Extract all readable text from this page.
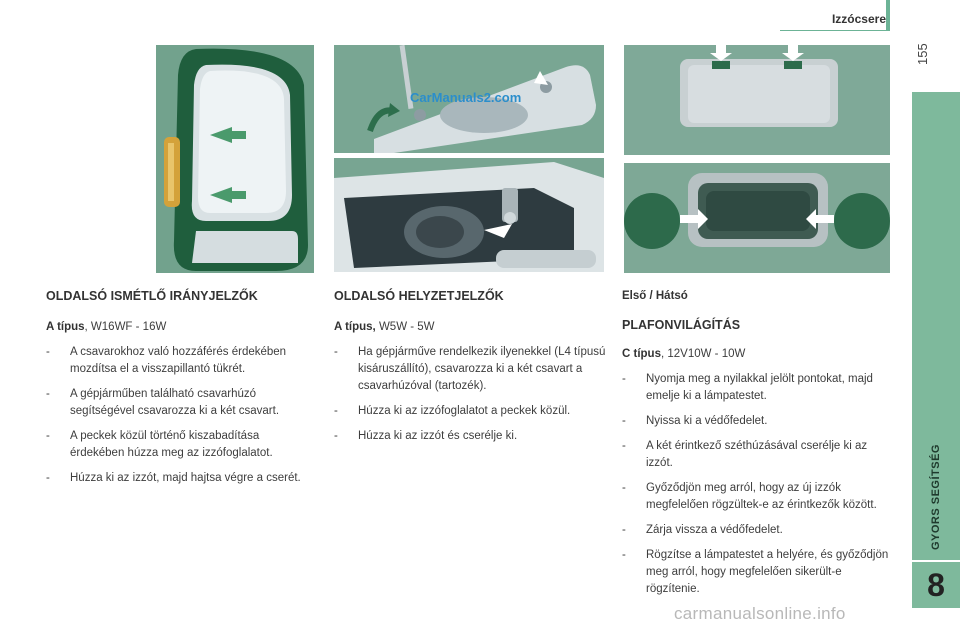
Izzócsere
155
GYORS SEGÍTSÉG
8
CarManuals2.com
OLDALSÓ ISMÉTLŐ IRÁNYJELZŐK
A típus, W16WF - 16W
- A csavarokhoz való hozzáférés érdekében mozdítsa el a visszapillantó tükrét.
- A gépjárműben található csavarhúzó segítségével csavarozza ki a két csavart.
- A peckek közül történő kiszabadítása érdekében húzza meg az izzófoglalatot.
- Húzza ki az izzót, majd hajtsa végre a cserét.
OLDALSÓ HELYZETJELZŐK
A típus, W5W - 5W
- Ha gépjárműve rendelkezik ilyenekkel (L4 típusú kisáruszállító), csavarozza ki a két csavart a csavarhúzóval (tartozék).
- Húzza ki az izzófoglalatot a peckek közül.
- Húzza ki az izzót és cserélje ki.
Első / Hátsó
PLAFONVILÁGÍTÁS
C típus, 12V10W - 10W
- Nyomja meg a nyilakkal jelölt pontokat, majd emelje ki a lámpatestet.
- Nyissa ki a védőfedelet.
- A két érintkező széthúzásával cserélje ki az izzót.
- Győződjön meg arról, hogy az új izzók megfelelően rögzültek-e az érintkezők között.
- Zárja vissza a védőfedelet.
- Rögzítse a lámpatestet a helyére, és győződjön meg arról, hogy megfelelően sikerült-e rögzítenie.
carmanualsonline.info
